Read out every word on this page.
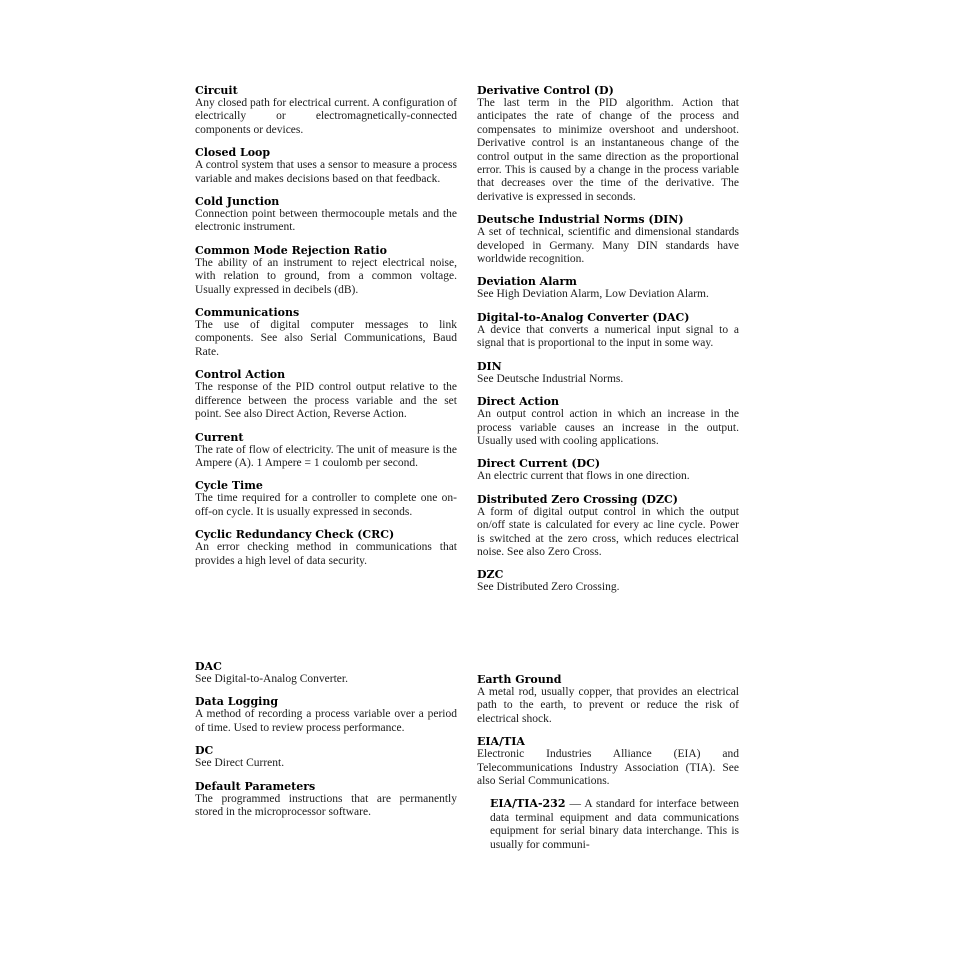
Circuit
Any closed path for electrical current. A configuration of electrically or electromagnetically-connected components or devices.
Closed Loop
A control system that uses a sensor to measure a process variable and makes decisions based on that feedback.
Cold Junction
Connection point between thermocouple metals and the electronic instrument.
Common Mode Rejection Ratio
The ability of an instrument to reject electrical noise, with relation to ground, from a common voltage. Usually expressed in decibels (dB).
Communications
The use of digital computer messages to link components. See also Serial Communications, Baud Rate.
Control Action
The response of the PID control output relative to the difference between the process variable and the set point. See also Direct Action, Reverse Action.
Current
The rate of flow of electricity. The unit of measure is the Ampere (A). 1 Ampere = 1 coulomb per second.
Cycle Time
The time required for a controller to complete one on-off-on cycle. It is usually expressed in seconds.
Cyclic Redundancy Check (CRC)
An error checking method in communications that provides a high level of data security.
Derivative Control (D)
The last term in the PID algorithm. Action that anticipates the rate of change of the process and compensates to minimize overshoot and undershoot. Derivative control is an instantaneous change of the control output in the same direction as the proportional error. This is caused by a change in the process variable that decreases over the time of the derivative. The derivative is expressed in seconds.
Deutsche Industrial Norms (DIN)
A set of technical, scientific and dimensional standards developed in Germany. Many DIN standards have worldwide recognition.
Deviation Alarm
See High Deviation Alarm, Low Deviation Alarm.
Digital-to-Analog Converter (DAC)
A device that converts a numerical input signal to a signal that is proportional to the input in some way.
DIN
See Deutsche Industrial Norms.
Direct Action
An output control action in which an increase in the process variable causes an increase in the output. Usually used with cooling applications.
Direct Current (DC)
An electric current that flows in one direction.
Distributed Zero Crossing (DZC)
A form of digital output control in which the output on/off state is calculated for every ac line cycle. Power is switched at the zero cross, which reduces electrical noise. See also Zero Cross.
DZC
See Distributed Zero Crossing.
DAC
See Digital-to-Analog Converter.
Data Logging
A method of recording a process variable over a period of time. Used to review process performance.
DC
See Direct Current.
Default Parameters
The programmed instructions that are permanently stored in the microprocessor software.
Earth Ground
A metal rod, usually copper, that provides an electrical path to the earth, to prevent or reduce the risk of electrical shock.
EIA/TIA
Electronic Industries Alliance (EIA) and Telecommunications Industry Association (TIA). See also Serial Communications.
EIA/TIA-232 — A standard for interface between data terminal equipment and data communications equipment for serial binary data interchange. This is usually for communi-
